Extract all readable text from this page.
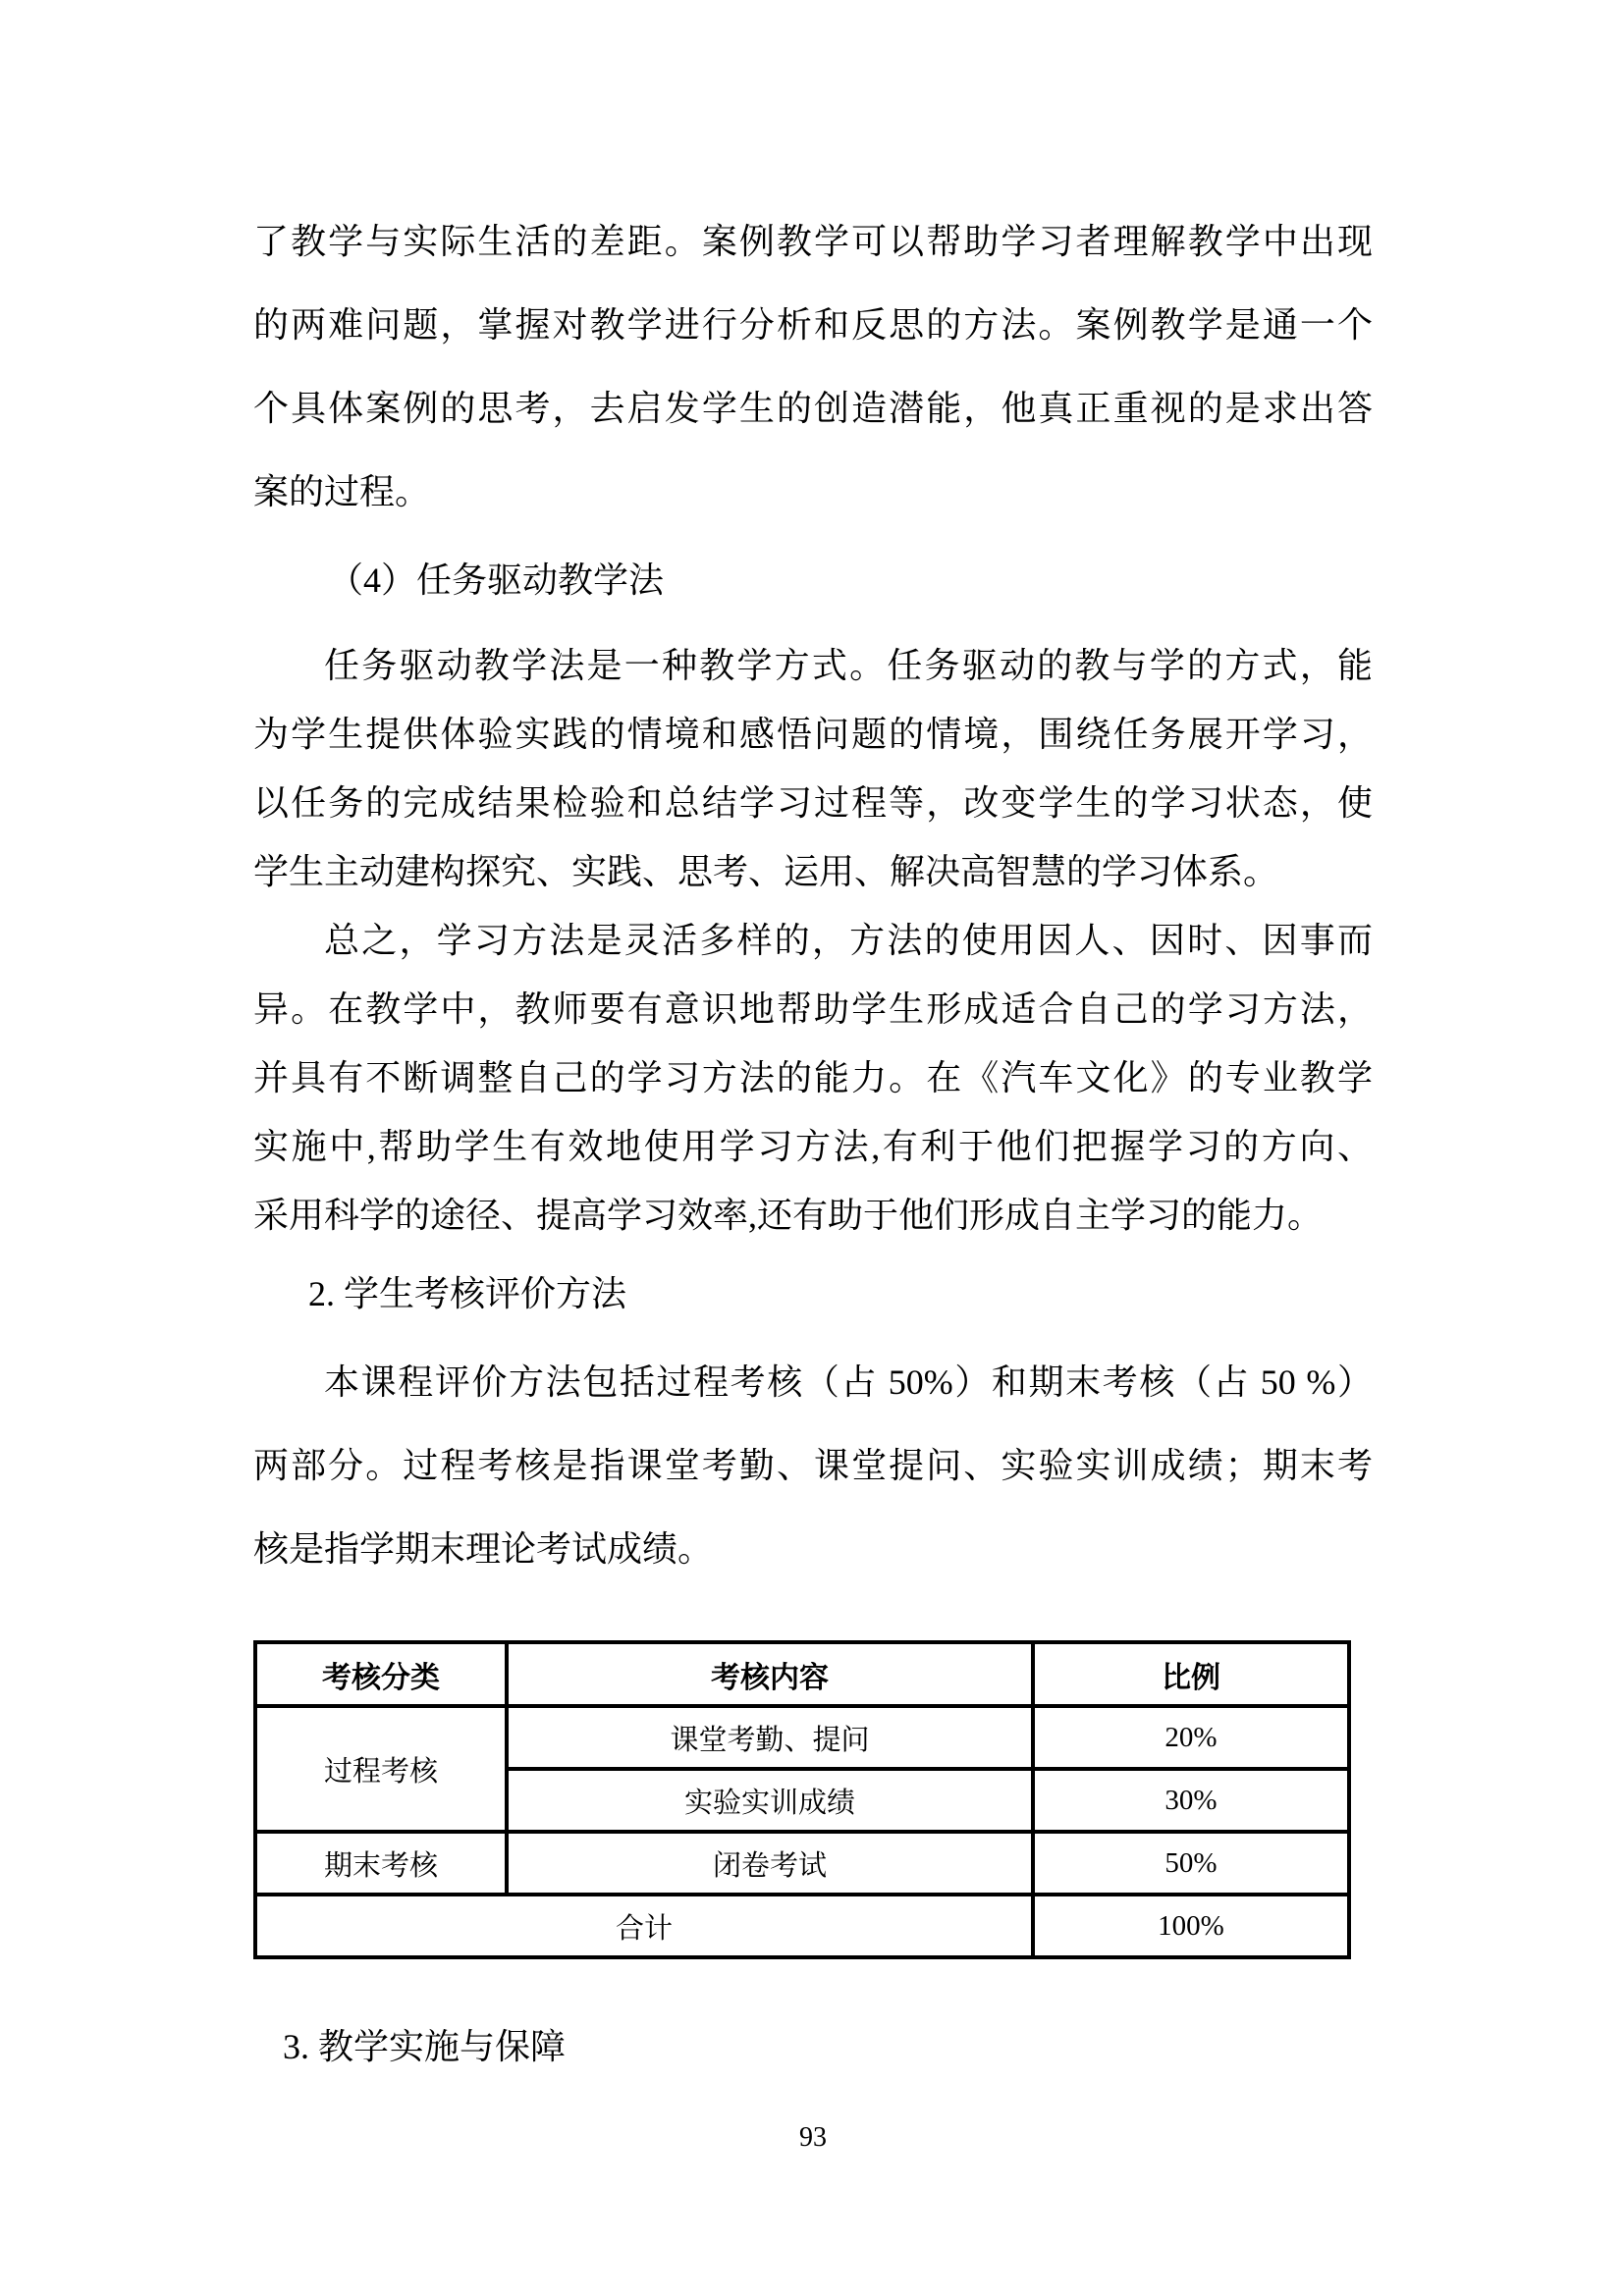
了教学与实际生活的差距。案例教学可以帮助学习者理解教学中出现
的两难问题，掌握对教学进行分析和反思的方法。案例教学是通一个
个具体案例的思考，去启发学生的创造潜能，他真正重视的是求出答
案的过程。
（4）任务驱动教学法
任务驱动教学法是一种教学方式。任务驱动的教与学的方式，能
为学生提供体验实践的情境和感悟问题的情境，围绕任务展开学习，
以任务的完成结果检验和总结学习过程等，改变学生的学习状态，使
学生主动建构探究、实践、思考、运用、解决高智慧的学习体系。
总之，学习方法是灵活多样的，方法的使用因人、因时、因事而
异。在教学中，教师要有意识地帮助学生形成适合自己的学习方法，
并具有不断调整自己的学习方法的能力。在《汽车文化》的专业教学
实施中,帮助学生有效地使用学习方法,有利于他们把握学习的方向、
采用科学的途径、提高学习效率,还有助于他们形成自主学习的能力。
2. 学生考核评价方法
本课程评价方法包括过程考核（占 50%）和期末考核（占 50 %）
两部分。过程考核是指课堂考勤、课堂提问、实验实训成绩；期末考
核是指学期末理论考试成绩。
考核分类	考核内容	比例
过程考核	课堂考勤、提问	20%
	实验实训成绩	30%
期末考核	闭卷考试	50%
合计		100%
3. 教学实施与保障
93
